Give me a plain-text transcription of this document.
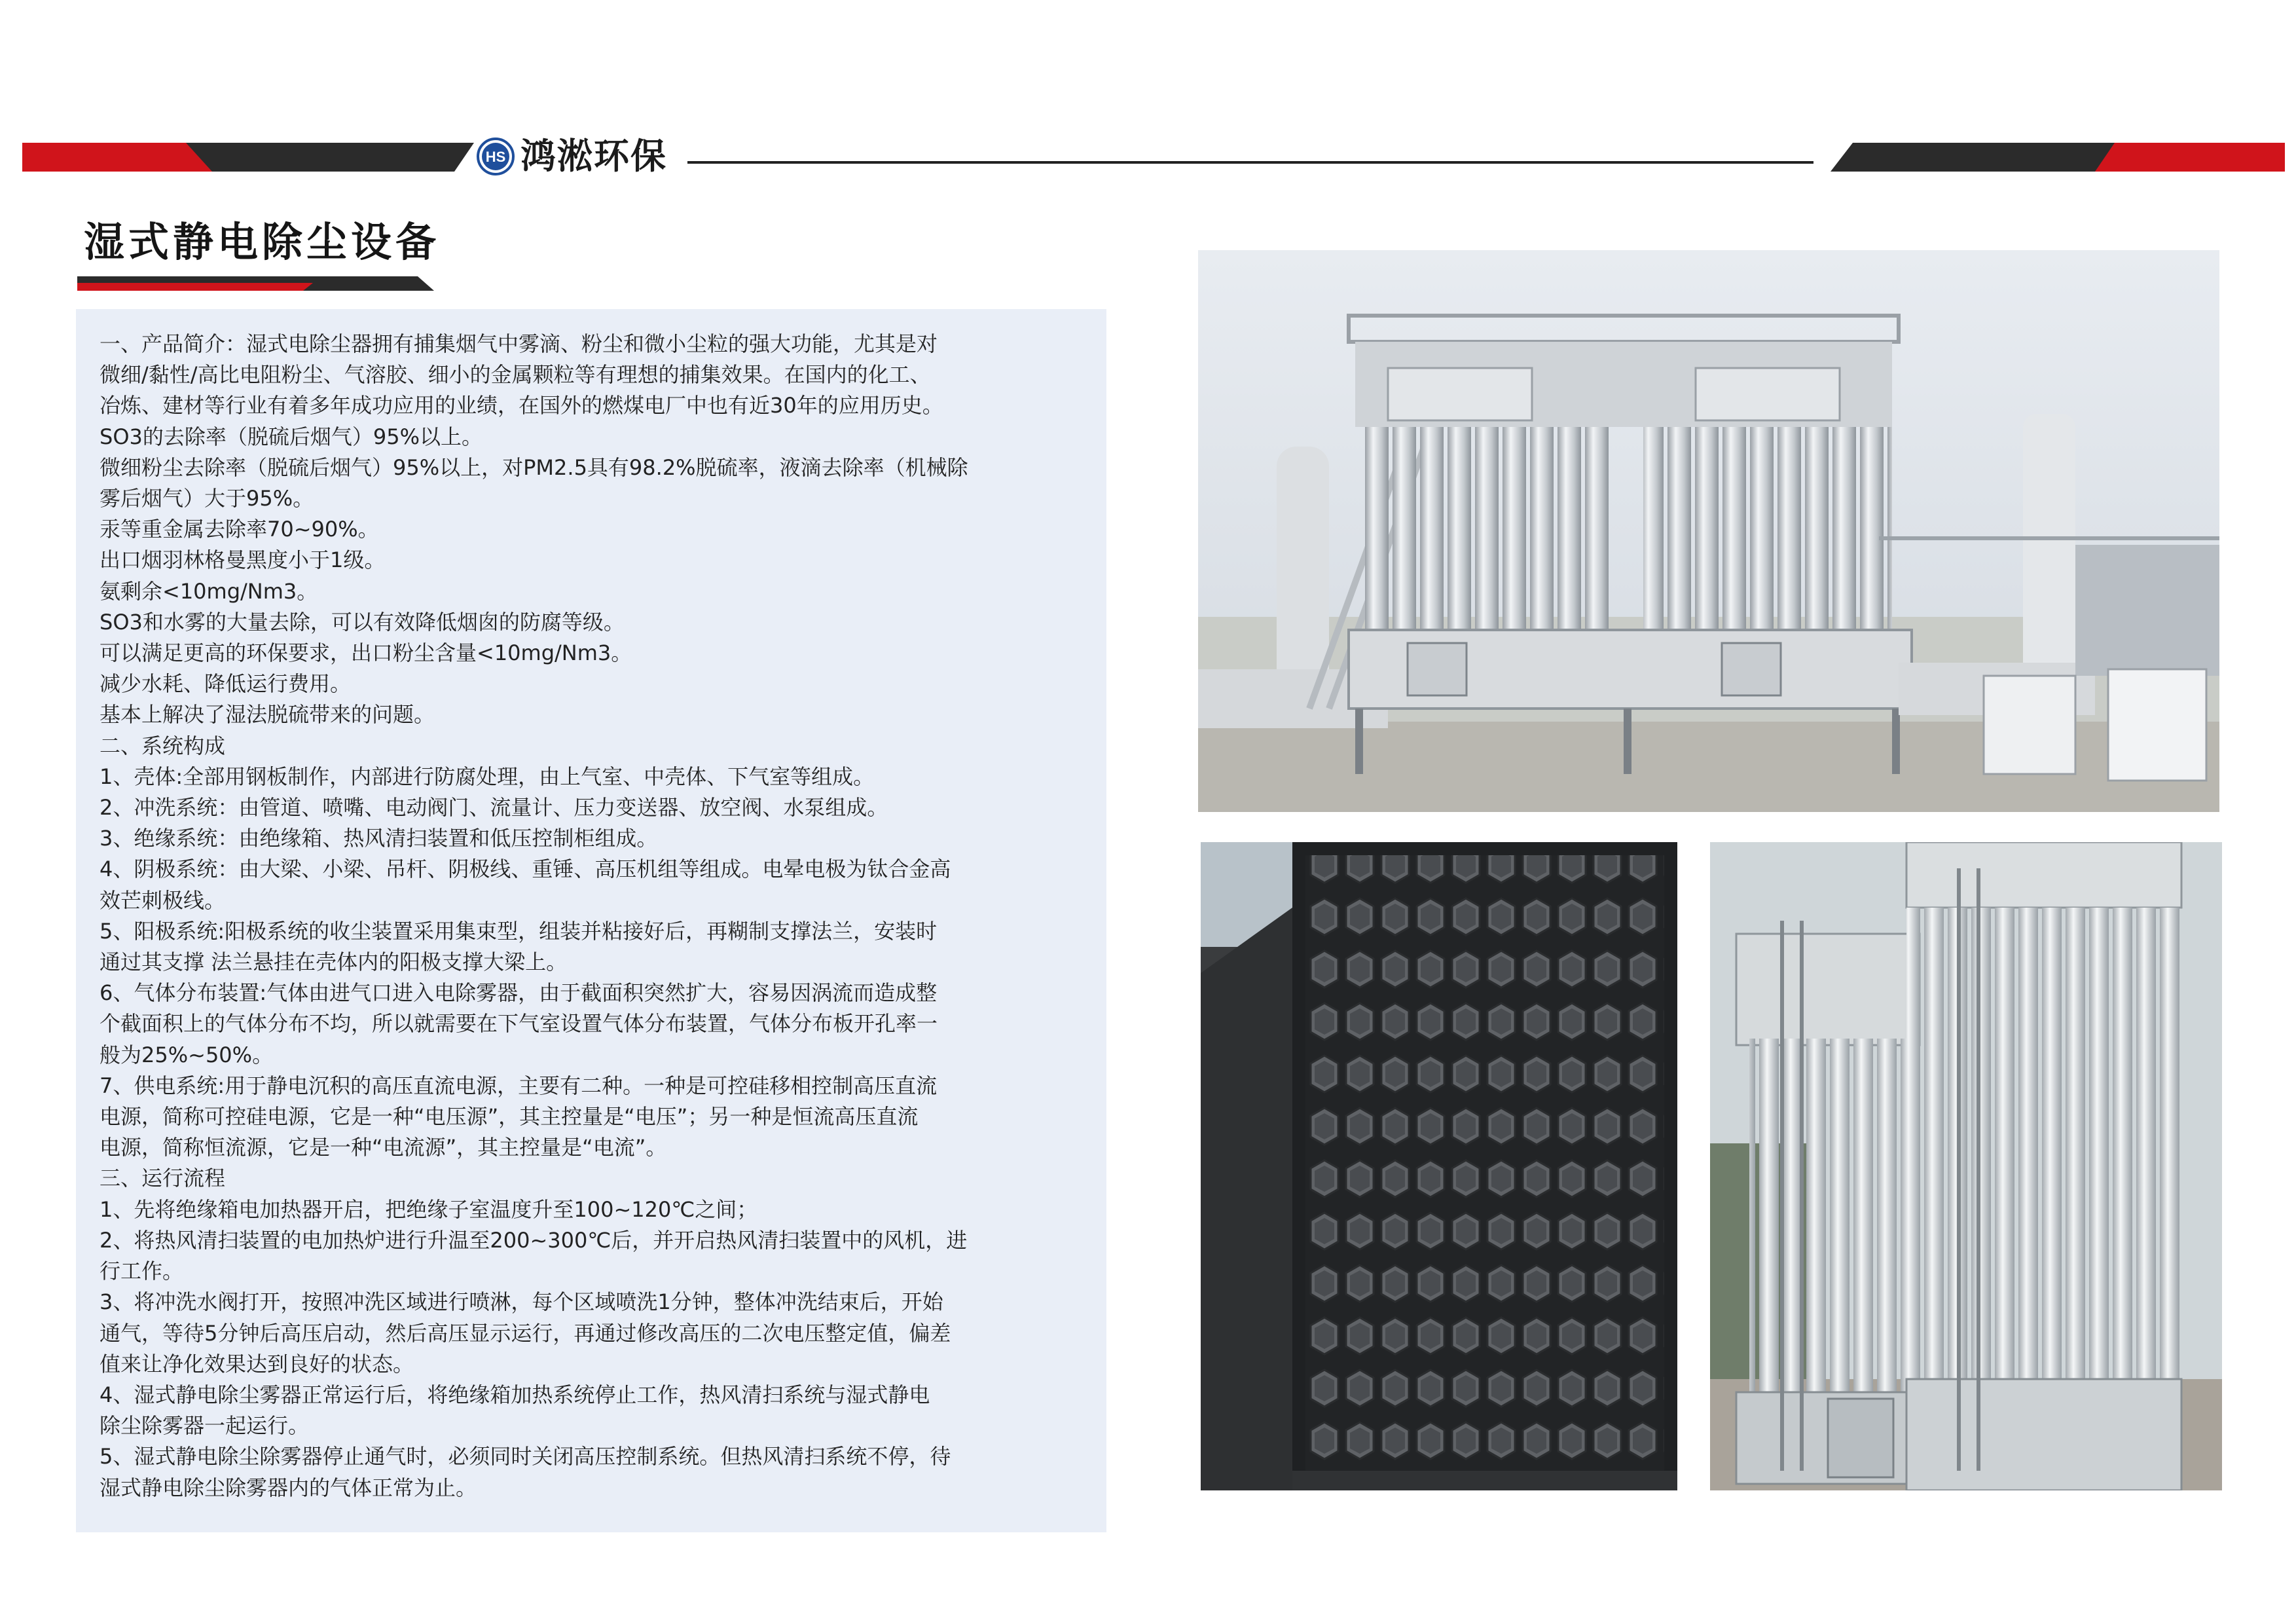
HS 鸿淞环保
湿式静电除尘设备
一、产品简介：湿式电除尘器拥有捕集烟气中雾滴、粉尘和微小尘粒的强大功能，尤其是对
微细/黏性/高比电阻粉尘、气溶胶、细小的金属颗粒等有理想的捕集效果。在国内的化工、
冶炼、建材等行业有着多年成功应用的业绩，在国外的燃煤电厂中也有近30年的应用历史。
SO3的去除率（脱硫后烟气）95%以上。
微细粉尘去除率（脱硫后烟气）95%以上，对PM2.5具有98.2%脱硫率，液滴去除率（机械除
雾后烟气）大于95%。
汞等重金属去除率70~90%。
出口烟羽林格曼黑度小于1级。
氨剩余<10mg/Nm3。
SO3和水雾的大量去除，可以有效降低烟囱的防腐等级。
可以满足更高的环保要求，出口粉尘含量<10mg/Nm3。
减少水耗、降低运行费用。
基本上解决了湿法脱硫带来的问题。
二、系统构成
1、壳体:全部用钢板制作，内部进行防腐处理，由上气室、中壳体、下气室等组成。
2、冲洗系统：由管道、喷嘴、电动阀门、流量计、压力变送器、放空阀、水泵组成。
3、绝缘系统：由绝缘箱、热风清扫装置和低压控制柜组成。
4、阴极系统：由大梁、小梁、吊杆、阴极线、重锤、高压机组等组成。电晕电极为钛合金高
效芒刺极线。
5、阳极系统:阳极系统的收尘装置采用集束型，组装并粘接好后，再糊制支撑法兰，安装时
通过其支撑 法兰悬挂在壳体内的阳极支撑大梁上。
6、气体分布装置:气体由进气口进入电除雾器，由于截面积突然扩大，容易因涡流而造成整
个截面积上的气体分布不均，所以就需要在下气室设置气体分布装置，气体分布板开孔率一
般为25%~50%。
7、供电系统:用于静电沉积的高压直流电源，主要有二种。一种是可控硅移相控制高压直流
电源，简称可控硅电源，它是一种“电压源”，其主控量是“电压”；另一种是恒流高压直流
电源，简称恒流源，它是一种“电流源”，其主控量是“电流”。
三、运行流程
1、先将绝缘箱电加热器开启，把绝缘子室温度升至100~120℃之间；
2、将热风清扫装置的电加热炉进行升温至200~300℃后，并开启热风清扫装置中的风机，进
行工作。
3、将冲洗水阀打开，按照冲洗区域进行喷淋，每个区域喷洗1分钟，整体冲洗结束后，开始
通气，等待5分钟后高压启动，然后高压显示运行，再通过修改高压的二次电压整定值，偏差
值来让净化效果达到良好的状态。
4、湿式静电除尘雾器正常运行后，将绝缘箱加热系统停止工作，热风清扫系统与湿式静电
除尘除雾器一起运行。
5、湿式静电除尘除雾器停止通气时，必须同时关闭高压控制系统。但热风清扫系统不停，待
湿式静电除尘除雾器内的气体正常为止。
